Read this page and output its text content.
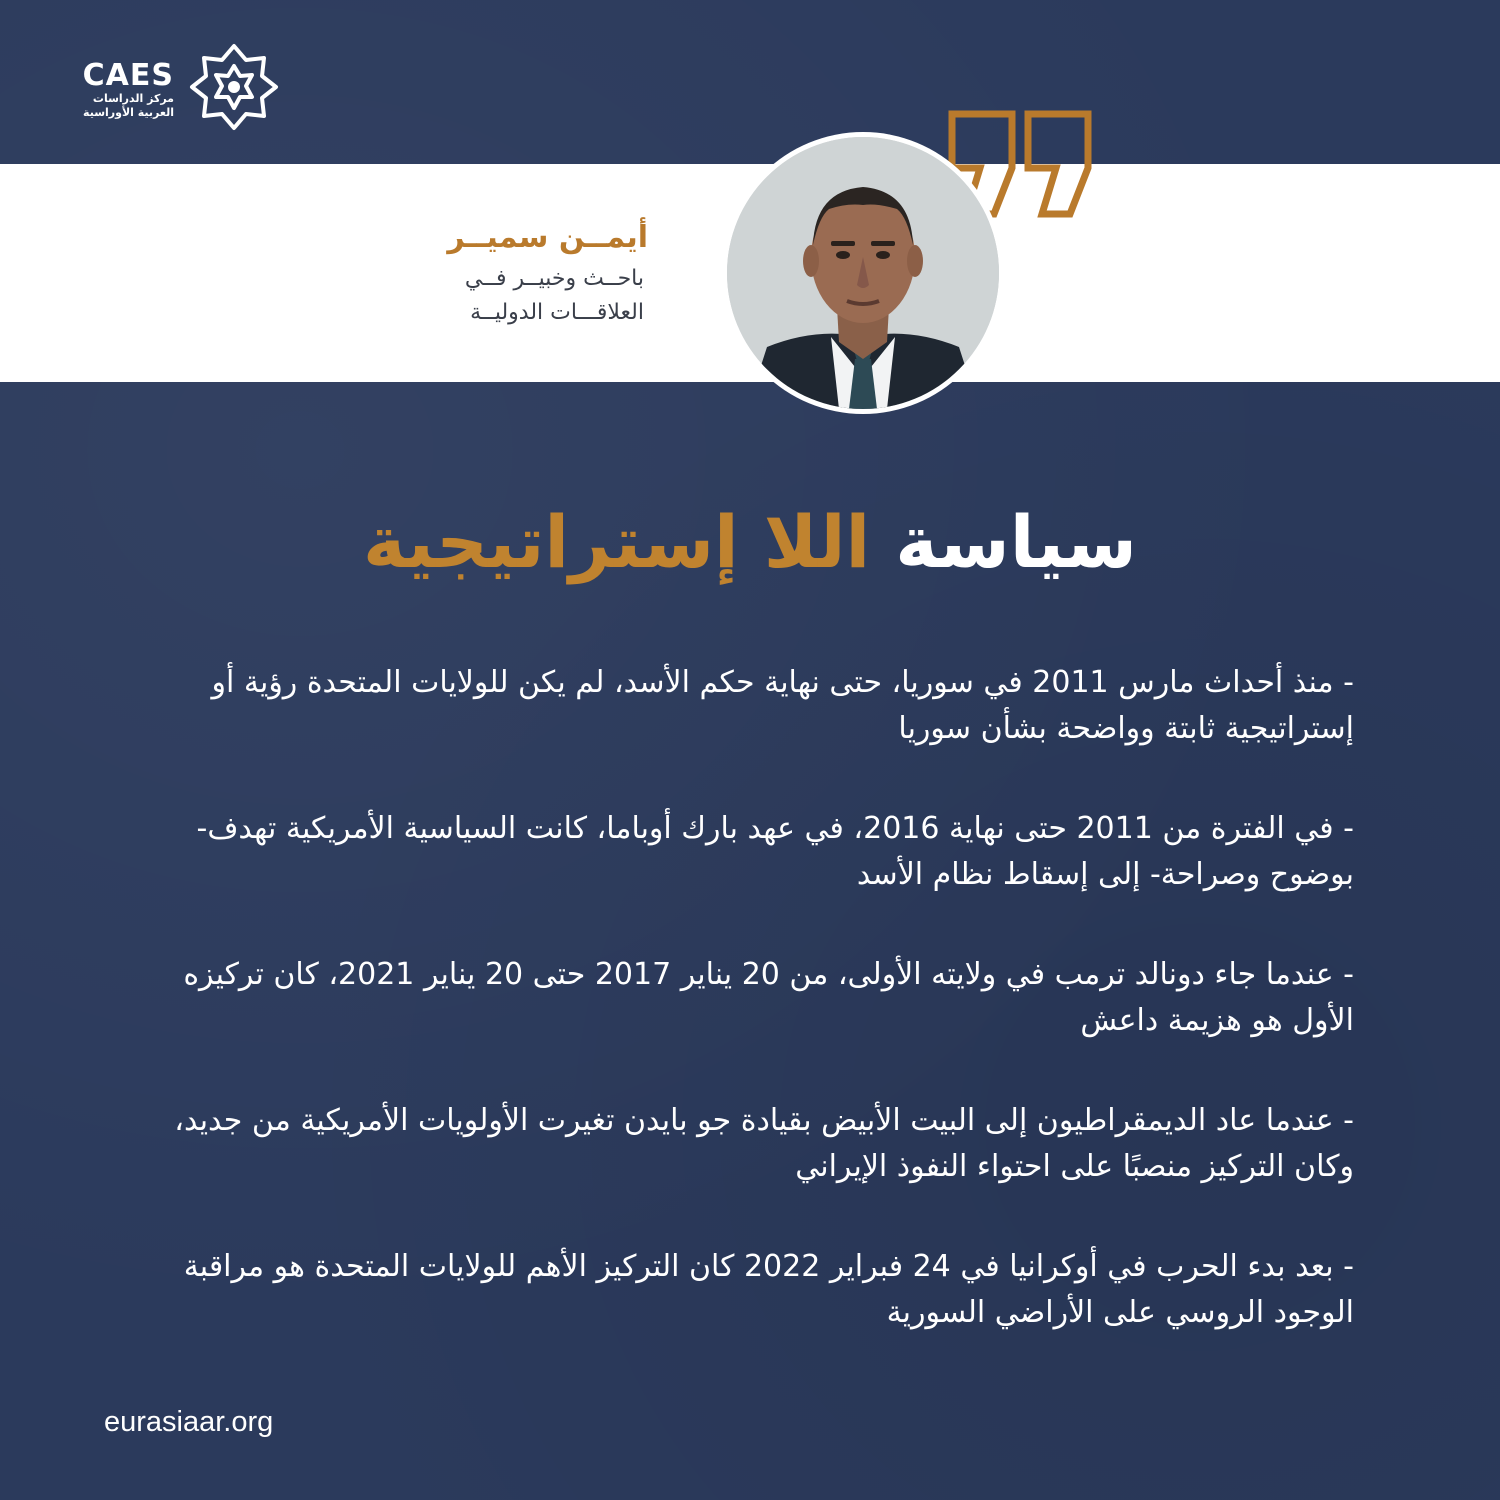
CAES
مركز الدراسات
العربية الأوراسية
أيمــن سميــر
باحــث وخبيــر فــي
العلاقـــات الدوليــة
سياسة اللا إستراتيجية

- منذ أحداث مارس 2011 في سوريا، حتى نهاية حكم الأسد، لم يكن للولايات المتحدة رؤية أو إستراتيجية ثابتة وواضحة بشأن سوريا

- في الفترة من 2011 حتى نهاية 2016، في عهد بارك أوباما، كانت السياسية الأمريكية تهدف- بوضوح وصراحة- إلى إسقاط نظام الأسد

- عندما جاء دونالد ترمب في ولايته الأولى، من 20 يناير 2017 حتى 20 يناير 2021، كان تركيزه الأول هو هزيمة داعش

- عندما عاد الديمقراطيون إلى البيت الأبيض بقيادة جو بايدن تغيرت الأولويات الأمريكية من جديد، وكان التركيز منصبًا على احتواء النفوذ الإيراني

- بعد بدء الحرب في أوكرانيا في 24 فبراير 2022 كان التركيز الأهم للولايات المتحدة هو مراقبة الوجود الروسي على الأراضي السورية

eurasiaar.org
